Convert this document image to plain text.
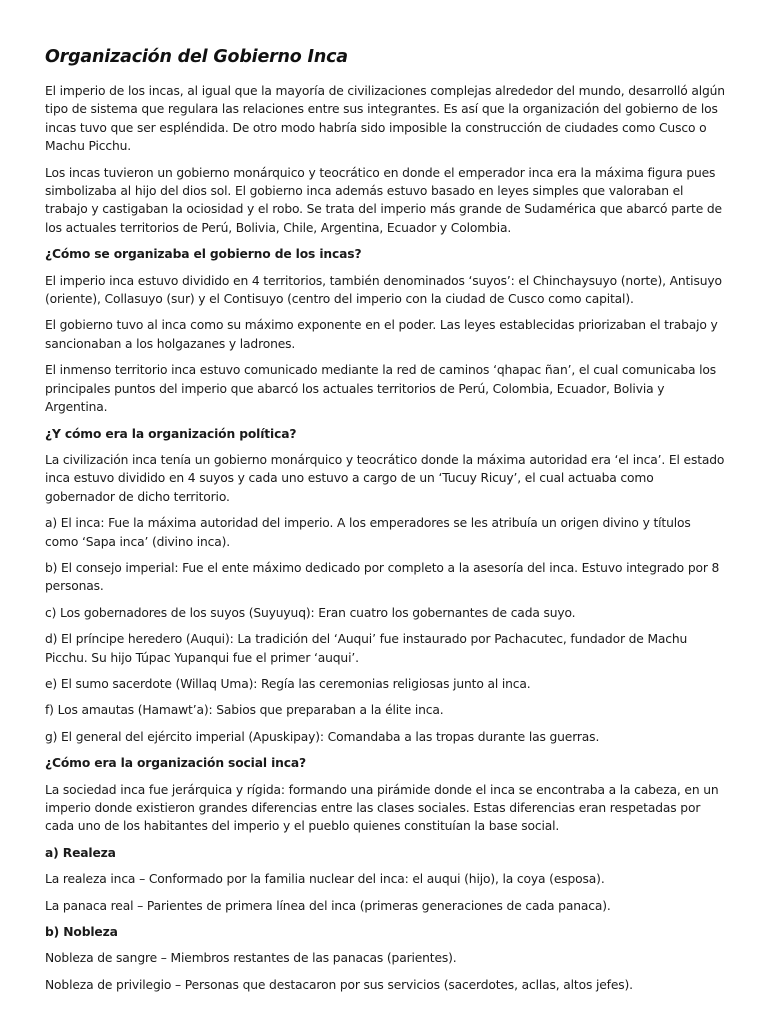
Organización del Gobierno Inca

El imperio de los incas, al igual que la mayoría de civilizaciones complejas alrededor del mundo, desarrolló algún tipo de sistema que regulara las relaciones entre sus integrantes. Es así que la organización del gobierno de los incas tuvo que ser espléndida. De otro modo habría sido imposible la construcción de ciudades como Cusco o Machu Picchu.

Los incas tuvieron un gobierno monárquico y teocrático en donde el emperador inca era la máxima figura pues simbolizaba al hijo del dios sol. El gobierno inca además estuvo basado en leyes simples que valoraban el trabajo y castigaban la ociosidad y el robo. Se trata del imperio más grande de Sudamérica que abarcó parte de los actuales territorios de Perú, Bolivia, Chile, Argentina, Ecuador y Colombia.

¿Cómo se organizaba el gobierno de los incas?

El imperio inca estuvo dividido en 4 territorios, también denominados ‘suyos’: el Chinchaysuyo (norte), Antisuyo (oriente), Collasuyo (sur) y el Contisuyo (centro del imperio con la ciudad de Cusco como capital).

El gobierno tuvo al inca como su máximo exponente en el poder. Las leyes establecidas priorizaban el trabajo y sancionaban a los holgazanes y ladrones.

El inmenso territorio inca estuvo comunicado mediante la red de caminos ‘qhapac ñan’, el cual comunicaba los principales puntos del imperio que abarcó los actuales territorios de Perú, Colombia, Ecuador, Bolivia y Argentina.

¿Y cómo era la organización política?

La civilización inca tenía un gobierno monárquico y teocrático donde la máxima autoridad era ‘el inca’. El estado inca estuvo dividido en 4 suyos y cada uno estuvo a cargo de un ‘Tucuy Ricuy’, el cual actuaba como gobernador de dicho territorio.

a) El inca: Fue la máxima autoridad del imperio. A los emperadores se les atribuía un origen divino y títulos como ‘Sapa inca’ (divino inca).

b) El consejo imperial: Fue el ente máximo dedicado por completo a la asesoría del inca. Estuvo integrado por 8 personas.

c) Los gobernadores de los suyos (Suyuyuq): Eran cuatro los gobernantes de cada suyo.

d) El príncipe heredero (Auqui): La tradición del ‘Auqui’ fue instaurado por Pachacutec, fundador de Machu Picchu. Su hijo Túpac Yupanqui fue el primer ‘auqui’.

e) El sumo sacerdote (Willaq Uma): Regía las ceremonias religiosas junto al inca.

f) Los amautas (Hamawt’a): Sabios que preparaban a la élite inca.

g) El general del ejército imperial (Apuskipay): Comandaba a las tropas durante las guerras.

¿Cómo era la organización social inca?

La sociedad inca fue jerárquica y rígida: formando una pirámide donde el inca se encontraba a la cabeza, en un imperio donde existieron grandes diferencias entre las clases sociales. Estas diferencias eran respetadas por cada uno de los habitantes del imperio y el pueblo quienes constituían la base social.

a) Realeza

La realeza inca – Conformado por la familia nuclear del inca: el auqui (hijo), la coya (esposa).

La panaca real – Parientes de primera línea del inca (primeras generaciones de cada panaca).

b) Nobleza

Nobleza de sangre – Miembros restantes de las panacas (parientes).

Nobleza de privilegio – Personas que destacaron por sus servicios (sacerdotes, acllas, altos jefes).
